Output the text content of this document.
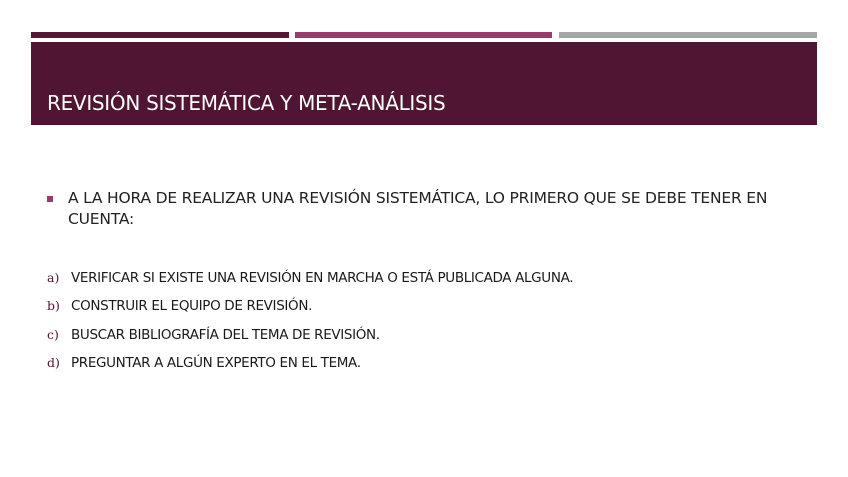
REVISIÓN SISTEMÁTICA Y META-ANÁLISIS

A LA HORA DE REALIZAR UNA REVISIÓN SISTEMÁTICA, LO PRIMERO QUE SE DEBE TENER EN CUENTA:

a) VERIFICAR SI EXISTE UNA REVISIÓN EN MARCHA O ESTÁ PUBLICADA ALGUNA.
b) CONSTRUIR EL EQUIPO DE REVISIÓN.
c) BUSCAR BIBLIOGRAFÍA DEL TEMA DE REVISIÓN.
d) PREGUNTAR A ALGÚN EXPERTO EN EL TEMA.
